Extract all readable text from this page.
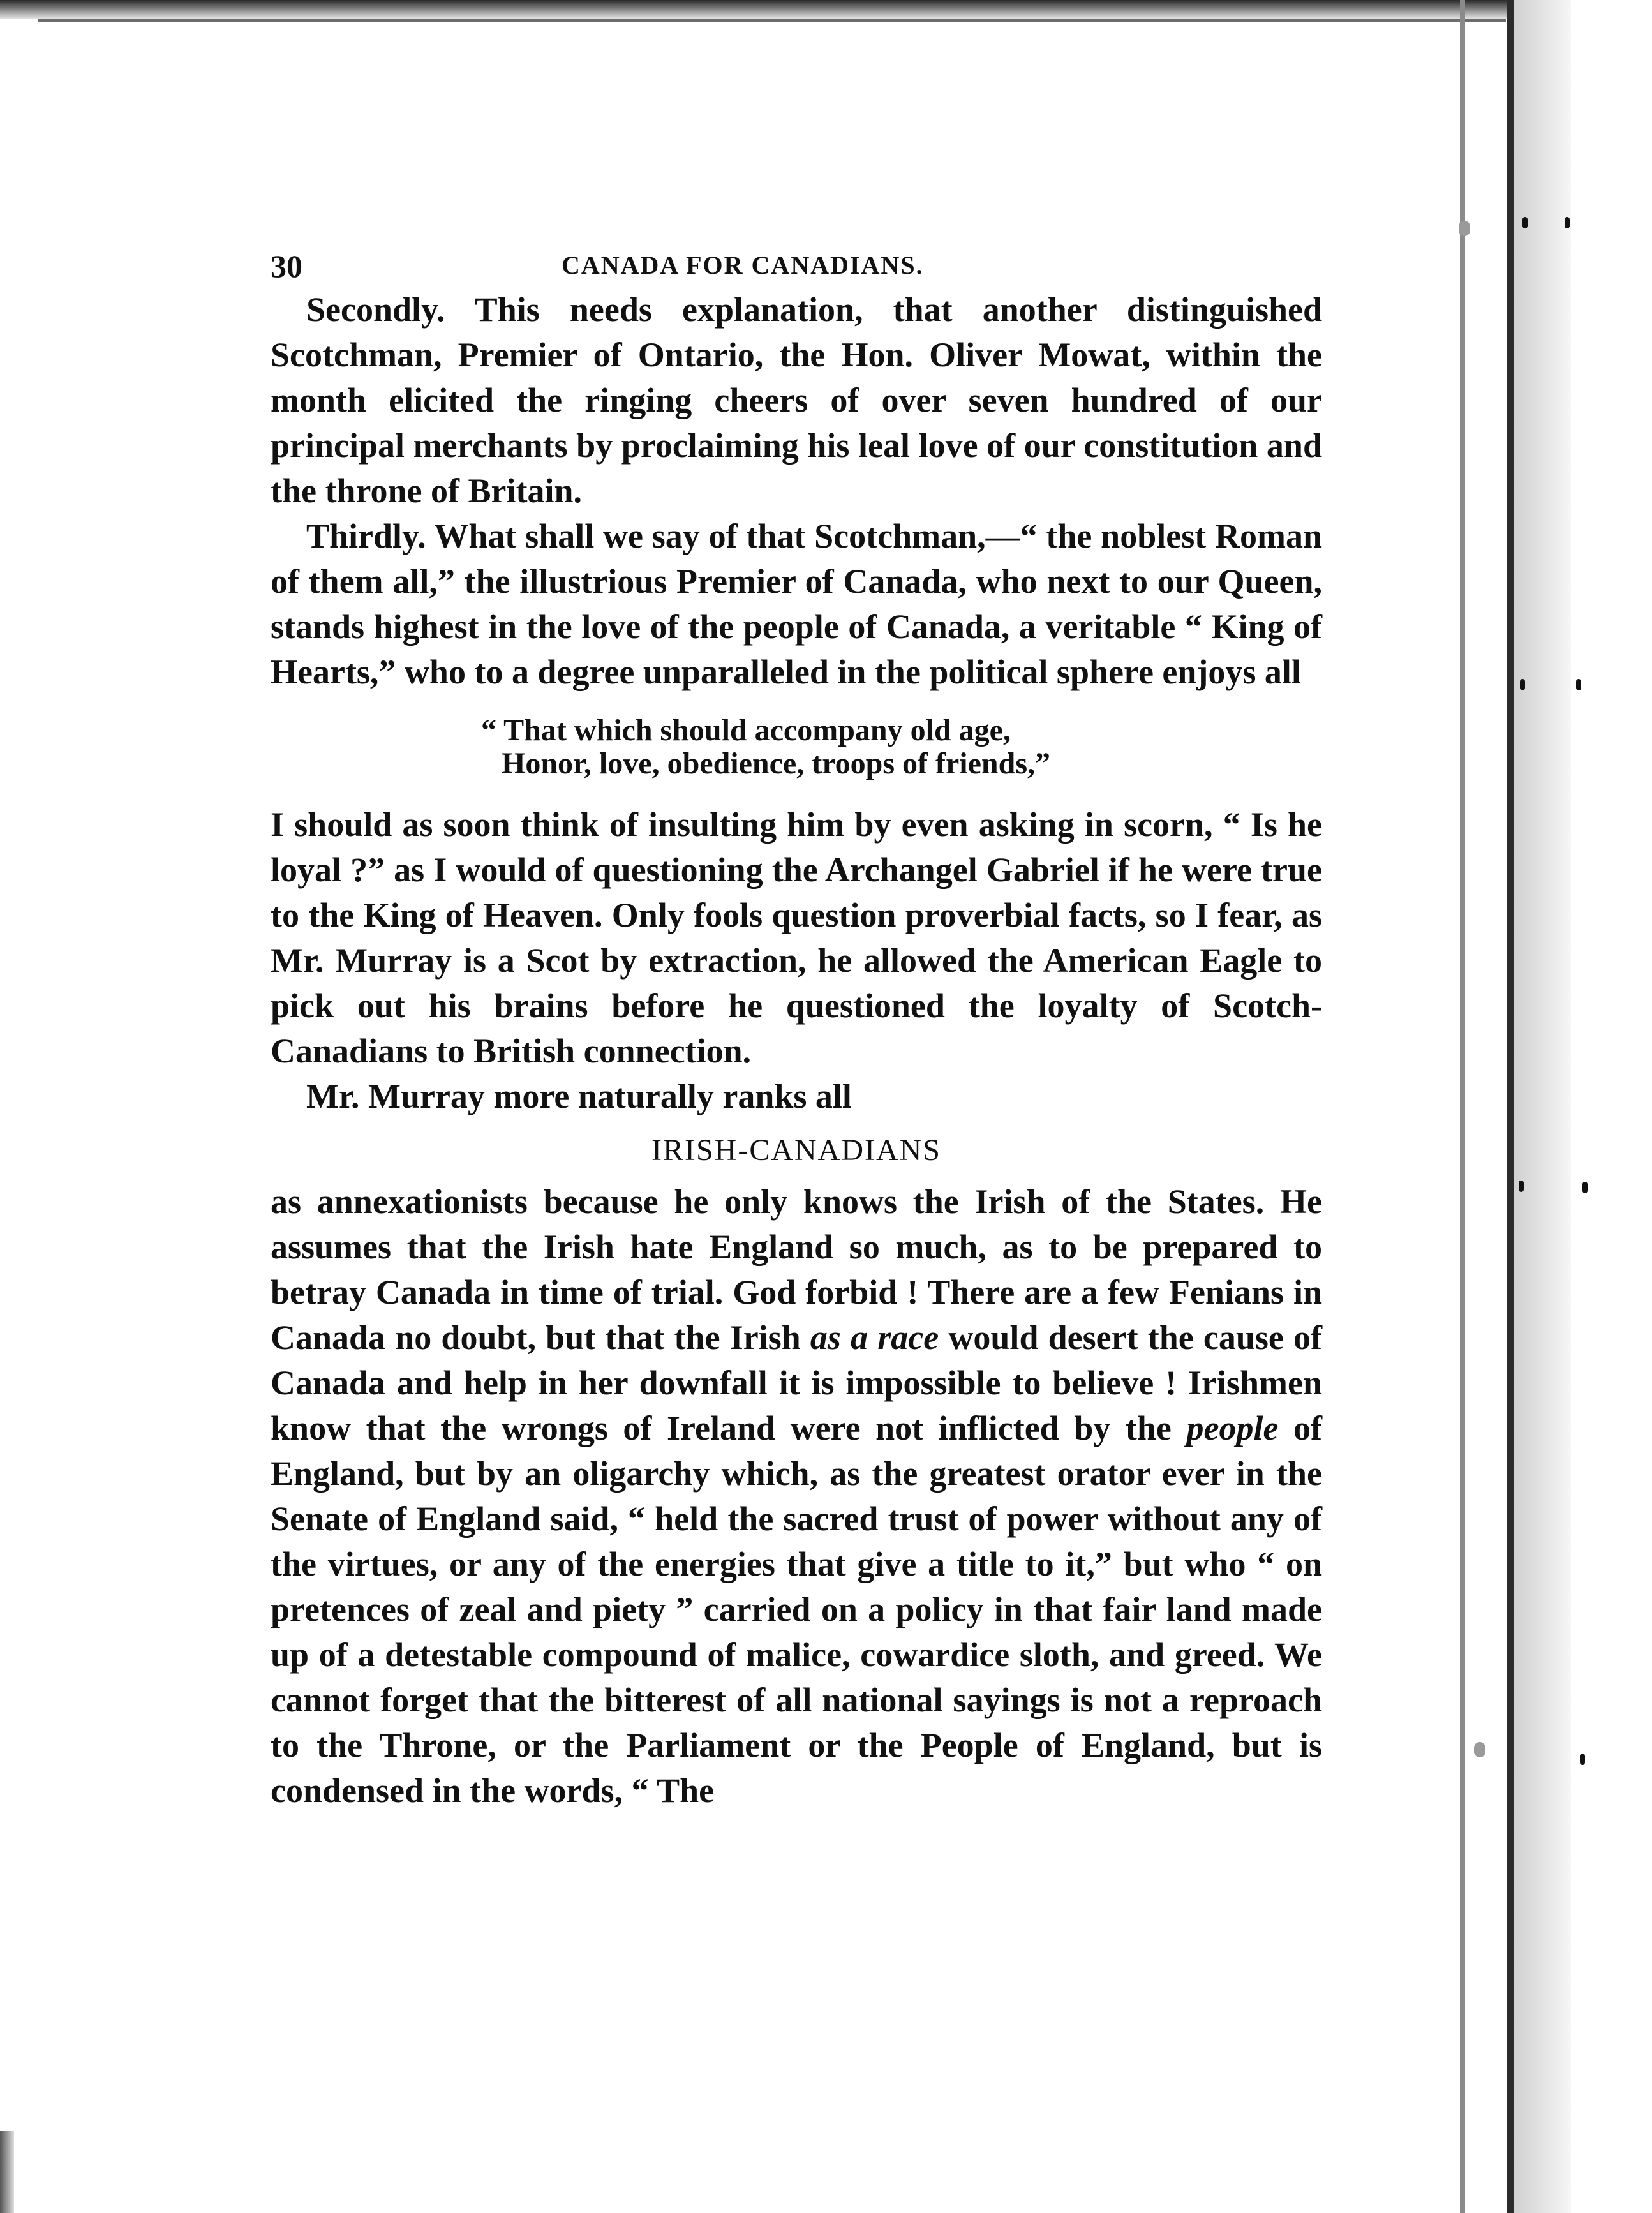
30	CANADA FOR CANADIANS.

Secondly. This needs explanation, that another distinguished Scotchman, Premier of Ontario, the Hon. Oliver Mowat, within the month elicited the ringing cheers of over seven hundred of our principal merchants by proclaiming his leal love of our constitution and the throne of Britain.

Thirdly. What shall we say of that Scotchman,—“ the noblest Roman of them all,” the illustrious Premier of Canada, who next to our Queen, stands highest in the love of the people of Canada, a veritable “ King of Hearts,” who to a degree unparalleled in the political sphere enjoys all

“ That which should accompany old age,
Honor, love, obedience, troops of friends,”

I should as soon think of insulting him by even asking in scorn, “ Is he loyal ?” as I would of questioning the Archangel Gabriel if he were true to the King of Heaven. Only fools question proverbial facts, so I fear, as Mr. Murray is a Scot by extraction, he allowed the American Eagle to pick out his brains before he questioned the loyalty of Scotch-Canadians to British connection.

Mr. Murray more naturally ranks all

IRISH-CANADIANS

as annexationists because he only knows the Irish of the States. He assumes that the Irish hate England so much, as to be prepared to betray Canada in time of trial. God forbid ! There are a few Fenians in Canada no doubt, but that the Irish as a race would desert the cause of Canada and help in her downfall it is impossible to believe ! Irishmen know that the wrongs of Ireland were not inflicted by the people of England, but by an oligarchy which, as the greatest orator ever in the Senate of England said, “ held the sacred trust of power without any of the virtues, or any of the energies that give a title to it,” but who “ on pretences of zeal and piety ” carried on a policy in that fair land made up of a detestable compound of malice, cowardice sloth, and greed. We cannot forget that the bitterest of all national sayings is not a reproach to the Throne, or the Parliament or the People of England, but is condensed in the words, “ The
